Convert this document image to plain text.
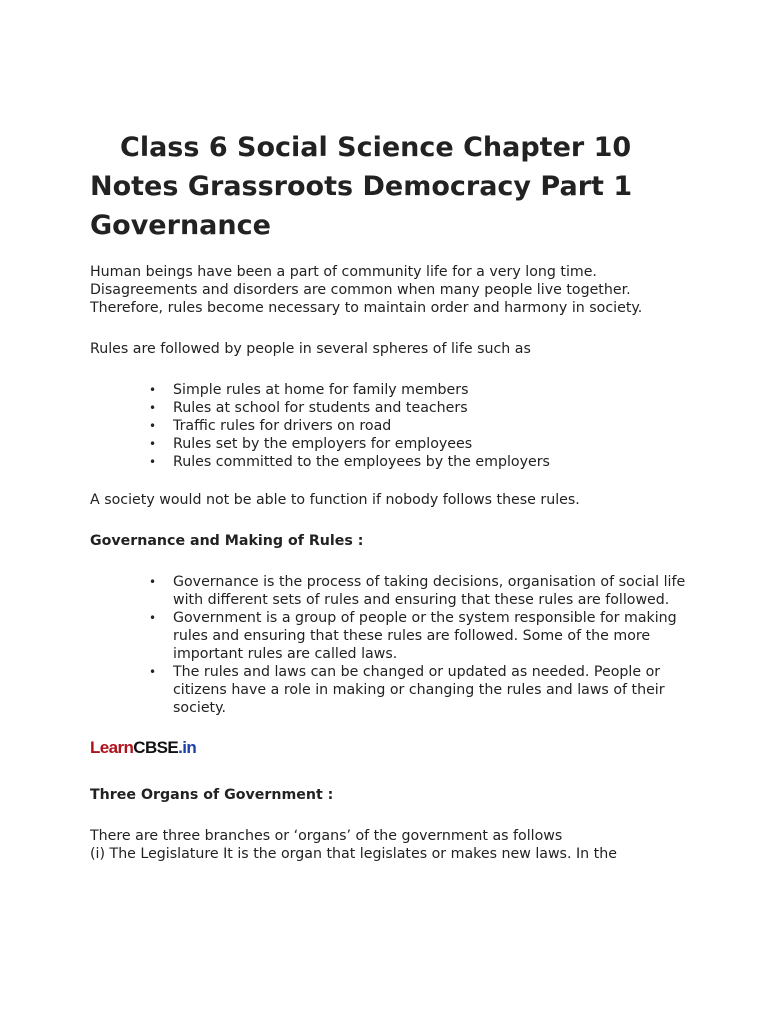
Class 6 Social Science Chapter 10 Notes Grassroots Democracy Part 1 Governance

Human beings have been a part of community life for a very long time. Disagreements and disorders are common when many people live together. Therefore, rules become necessary to maintain order and harmony in society.

Rules are followed by people in several spheres of life such as

• Simple rules at home for family members
• Rules at school for students and teachers
• Traffic rules for drivers on road
• Rules set by the employers for employees
• Rules committed to the employees by the employers

A society would not be able to function if nobody follows these rules.

Governance and Making of Rules :

• Governance is the process of taking decisions, organisation of social life with different sets of rules and ensuring that these rules are followed.
• Government is a group of people or the system responsible for making rules and ensuring that these rules are followed. Some of the more important rules are called laws.
• The rules and laws can be changed or updated as needed. People or citizens have a role in making or changing the rules and laws of their society.
LearnCBSE.in

Three Organs of Government :

There are three branches or ‘organs’ of the government as follows

(i) The Legislature It is the organ that legislates or makes new laws. In the
